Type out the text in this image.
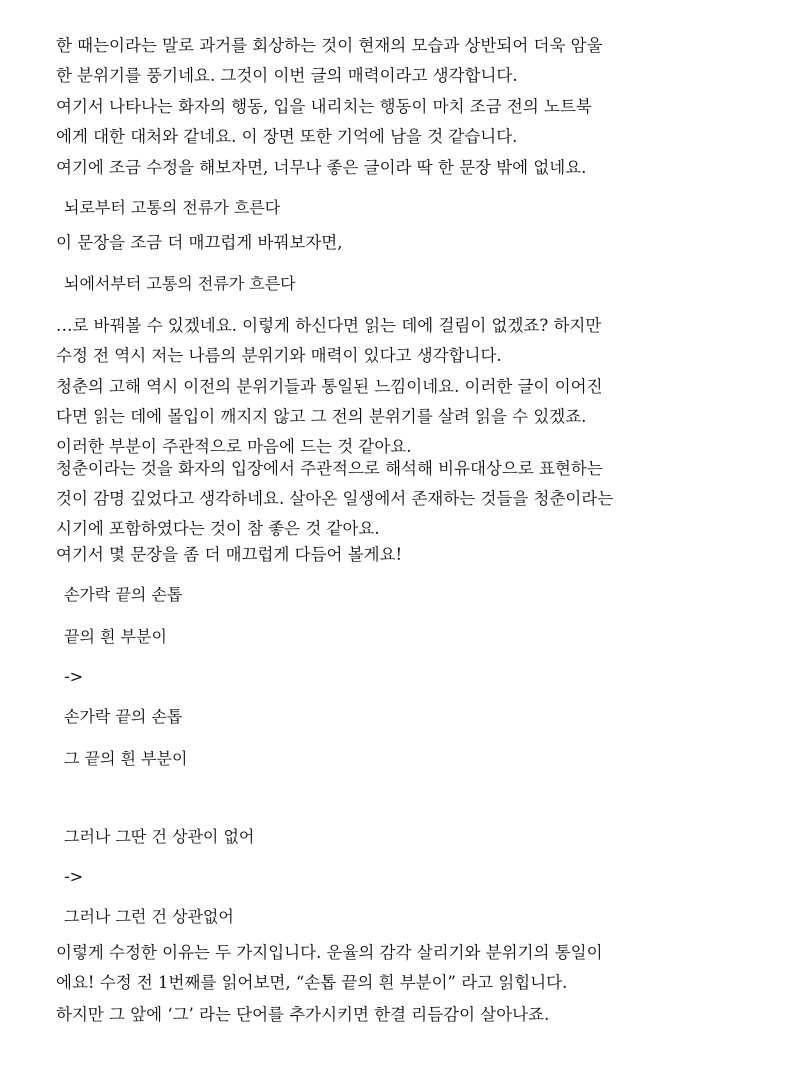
한 때는이라는 말로 과거를 회상하는 것이 현재의 모습과 상반되어 더욱 암울
한 분위기를 풍기네요. 그것이 이번 글의 매력이라고 생각합니다.
여기서 나타나는 화자의 행동, 입을 내리치는 행동이 마치 조금 전의 노트북
에게 대한 대처와 같네요. 이 장면 또한 기억에 남을 것 같습니다.
여기에 조금 수정을 해보자면, 너무나 좋은 글이라 딱 한 문장 밖에 없네요.
뇌로부터 고통의 전류가 흐른다
이 문장을 조금 더 매끄럽게 바꿔보자면,
뇌에서부터 고통의 전류가 흐른다
…로 바꿔볼 수 있겠네요. 이렇게 하신다면 읽는 데에 걸림이 없겠죠? 하지만
수정 전 역시 저는 나름의 분위기와 매력이 있다고 생각합니다.
청춘의 고해 역시 이전의 분위기들과 통일된 느낌이네요. 이러한 글이 이어진
다면 읽는 데에 몰입이 깨지지 않고 그 전의 분위기를 살려 읽을 수 있겠죠.
이러한 부분이 주관적으로 마음에 드는 것 같아요.
청춘이라는 것을 화자의 입장에서 주관적으로 해석해 비유대상으로 표현하는
것이 감명 깊었다고 생각하네요. 살아온 일생에서 존재하는 것들을 청춘이라는
시기에 포함하였다는 것이 참 좋은 것 같아요.
여기서 몇 문장을 좀 더 매끄럽게 다듬어 볼게요!
손가락 끝의 손톱
끝의 흰 부분이
->
손가락 끝의 손톱
그 끝의 흰 부분이
그러나 그딴 건 상관이 없어
->
그러나 그런 건 상관없어
이렇게 수정한 이유는 두 가지입니다. 운율의 감각 살리기와 분위기의 통일이
에요! 수정 전 1번째를 읽어보면, “손톱 끝의 흰 부분이” 라고 읽힙니다.
하지만 그 앞에 ‘그’ 라는 단어를 추가시키면 한결 리듬감이 살아나죠.
